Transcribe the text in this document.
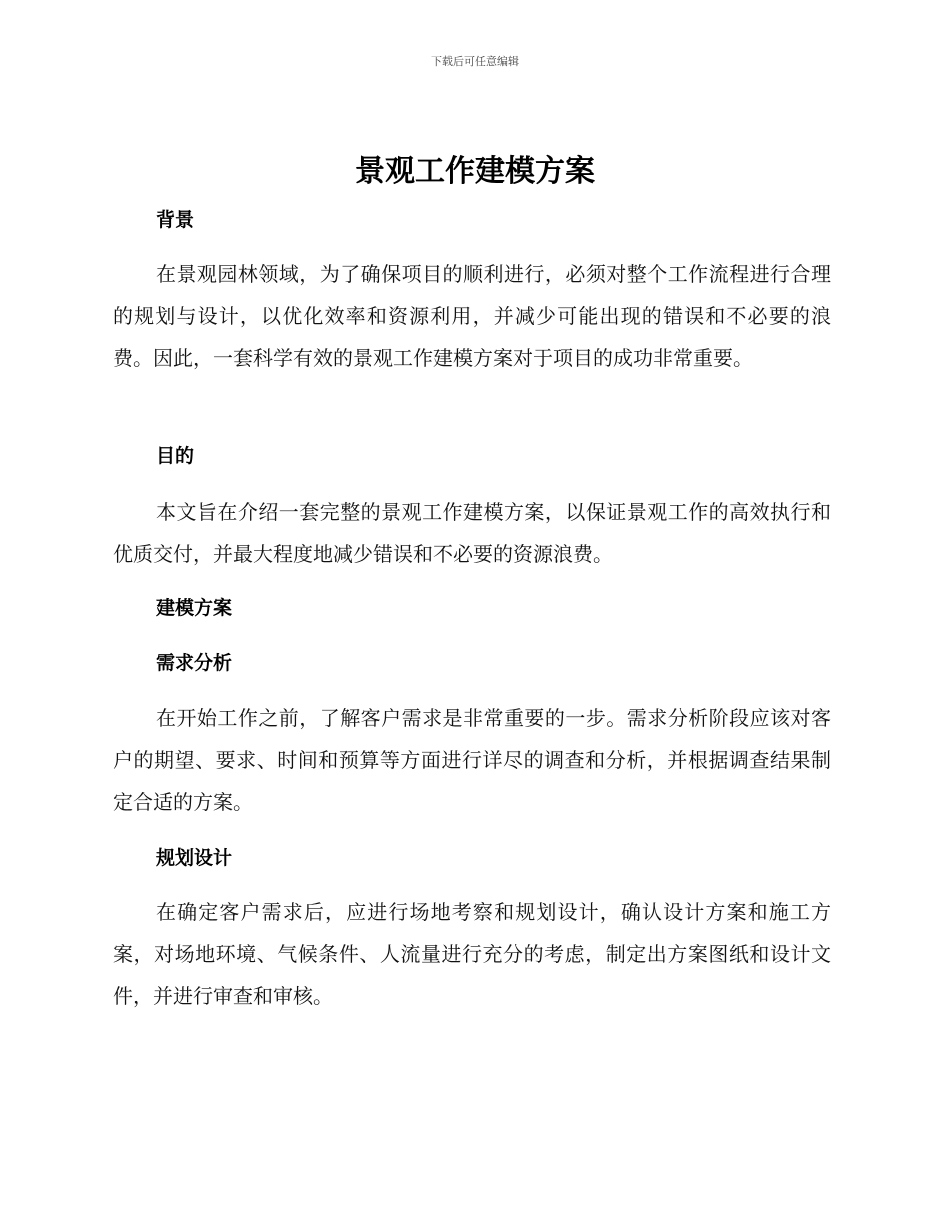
下载后可任意编辑
景观工作建模方案
背景

在景观园林领域，为了确保项目的顺利进行，必须对整个工作流程进行合理的规划与设计，以优化效率和资源利用，并减少可能出现的错误和不必要的浪费。因此，一套科学有效的景观工作建模方案对于项目的成功非常重要。

目的

本文旨在介绍一套完整的景观工作建模方案，以保证景观工作的高效执行和优质交付，并最大程度地减少错误和不必要的资源浪费。

建模方案
需求分析

在开始工作之前，了解客户需求是非常重要的一步。需求分析阶段应该对客户的期望、要求、时间和预算等方面进行详尽的调查和分析，并根据调查结果制定合适的方案。

规划设计

在确定客户需求后，应进行场地考察和规划设计，确认设计方案和施工方案，对场地环境、气候条件、人流量进行充分的考虑，制定出方案图纸和设计文件，并进行审查和审核。
